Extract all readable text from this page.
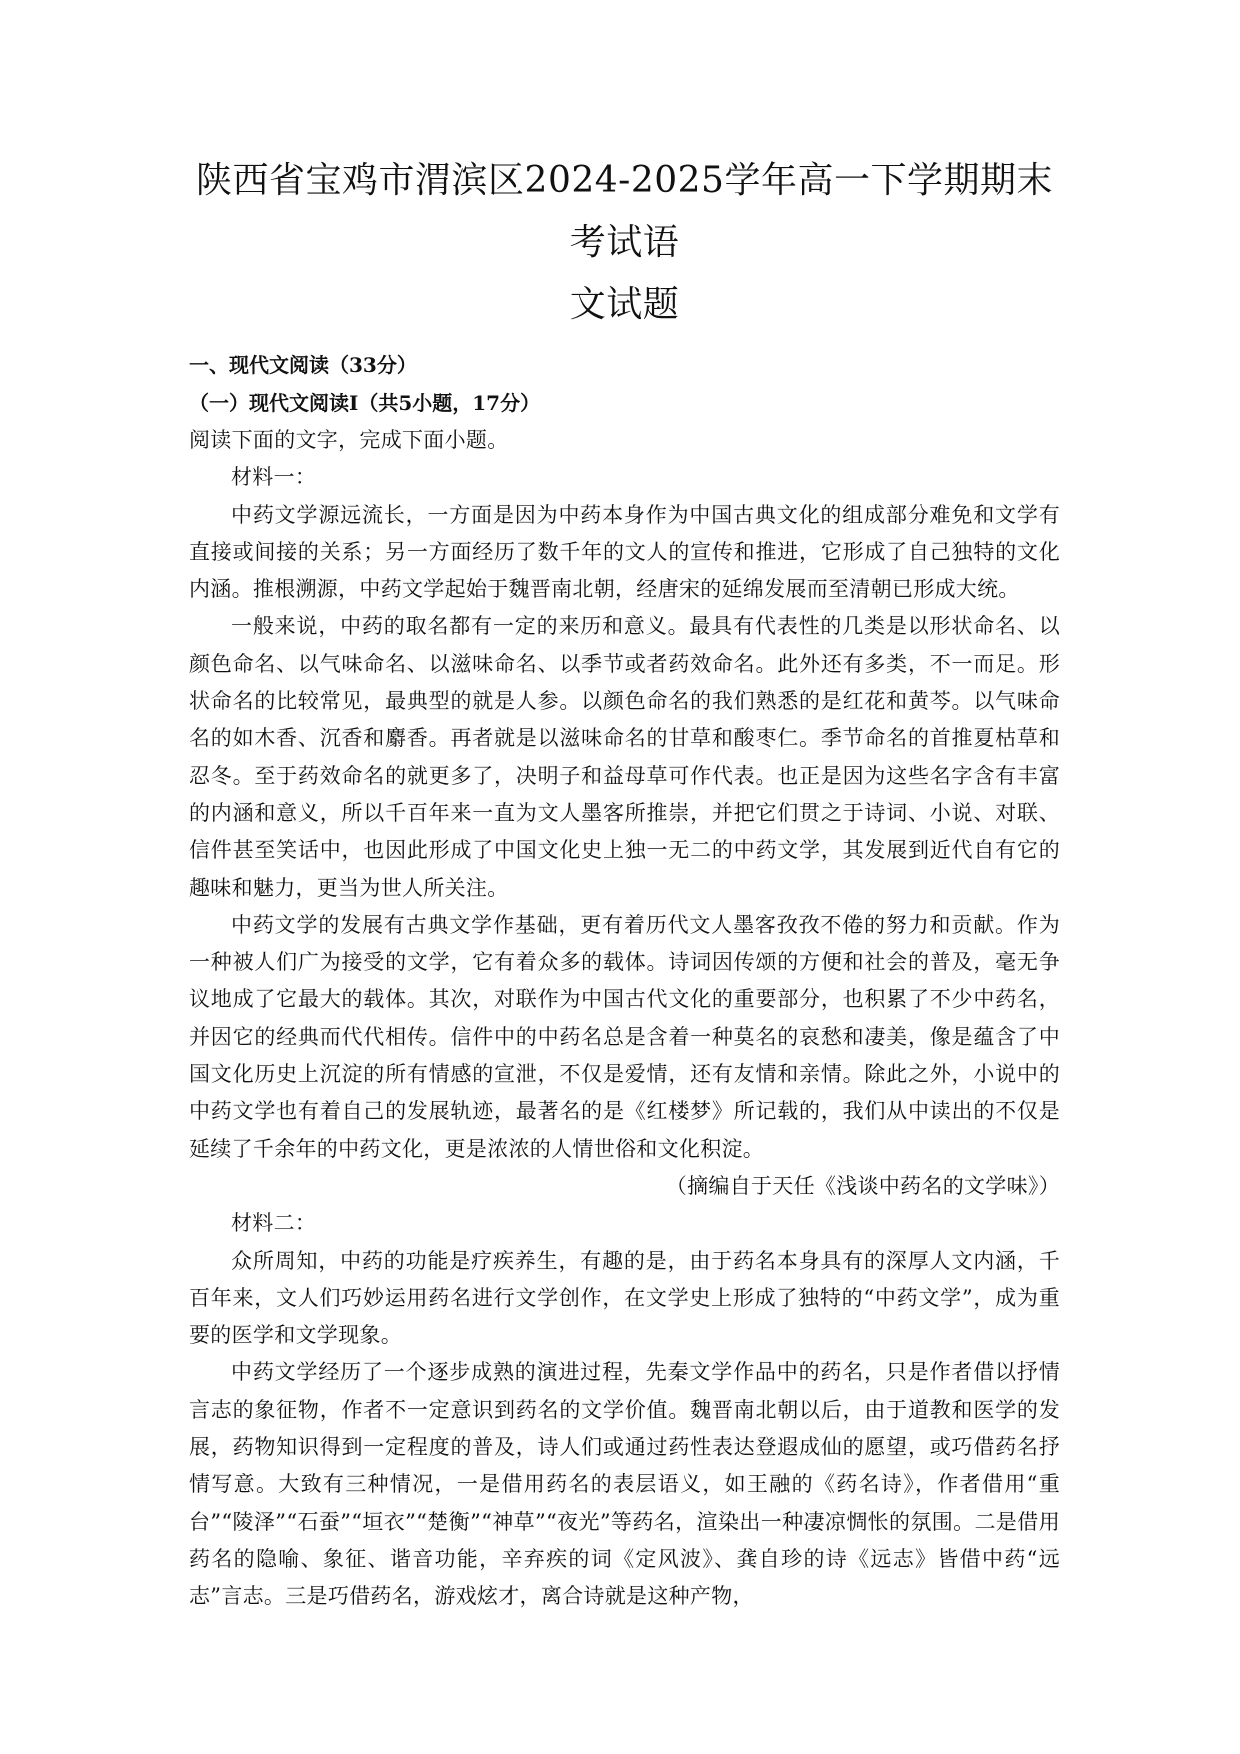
陕西省宝鸡市渭滨区2024-2025学年高一下学期期末考试语
文试题

一、现代文阅读（33分）

（一）现代文阅读Ⅰ（共5小题，17分）

阅读下面的文字，完成下面小题。

材料一：

中药文学源远流长，一方面是因为中药本身作为中国古典文化的组成部分难免和文学有直接或间接的关系；另一方面经历了数千年的文人的宣传和推进，它形成了自己独特的文化内涵。推根溯源，中药文学起始于魏晋南北朝，经唐宋的延绵发展而至清朝已形成大统。

一般来说，中药的取名都有一定的来历和意义。最具有代表性的几类是以形状命名、以颜色命名、以气味命名、以滋味命名、以季节或者药效命名。此外还有多类，不一而足。形状命名的比较常见，最典型的就是人参。以颜色命名的我们熟悉的是红花和黄芩。以气味命名的如木香、沉香和麝香。再者就是以滋味命名的甘草和酸枣仁。季节命名的首推夏枯草和忍冬。至于药效命名的就更多了，决明子和益母草可作代表。也正是因为这些名字含有丰富的内涵和意义，所以千百年来一直为文人墨客所推崇，并把它们贯之于诗词、小说、对联、信件甚至笑话中，也因此形成了中国文化史上独一无二的中药文学，其发展到近代自有它的趣味和魅力，更当为世人所关注。

中药文学的发展有古典文学作基础，更有着历代文人墨客孜孜不倦的努力和贡献。作为一种被人们广为接受的文学，它有着众多的载体。诗词因传颂的方便和社会的普及，毫无争议地成了它最大的载体。其次，对联作为中国古代文化的重要部分，也积累了不少中药名，并因它的经典而代代相传。信件中的中药名总是含着一种莫名的哀愁和凄美，像是蕴含了中国文化历史上沉淀的所有情感的宣泄，不仅是爱情，还有友情和亲情。除此之外，小说中的中药文学也有着自己的发展轨迹，最著名的是《红楼梦》所记载的，我们从中读出的不仅是延续了千余年的中药文化，更是浓浓的人情世俗和文化积淀。

（摘编自于天任《浅谈中药名的文学味》）

材料二：

众所周知，中药的功能是疗疾养生，有趣的是，由于药名本身具有的深厚人文内涵，千百年来，文人们巧妙运用药名进行文学创作，在文学史上形成了独特的“中药文学”，成为重要的医学和文学现象。

中药文学经历了一个逐步成熟的演进过程，先秦文学作品中的药名，只是作者借以抒情言志的象征物，作者不一定意识到药名的文学价值。魏晋南北朝以后，由于道教和医学的发展，药物知识得到一定程度的普及，诗人们或通过药性表达登遐成仙的愿望，或巧借药名抒情写意。大致有三种情况，一是借用药名的表层语义，如王融的《药名诗》，作者借用“重台”“陵泽”“石蚕”“垣衣”“楚衡”“神草”“夜光”等药名，渲染出一种凄凉惆怅的氛围。二是借用药名的隐喻、象征、谐音功能，辛弃疾的词《定风波》、龚自珍的诗《远志》皆借中药“远志”言志。三是巧借药名，游戏炫才，离合诗就是这种产物，
